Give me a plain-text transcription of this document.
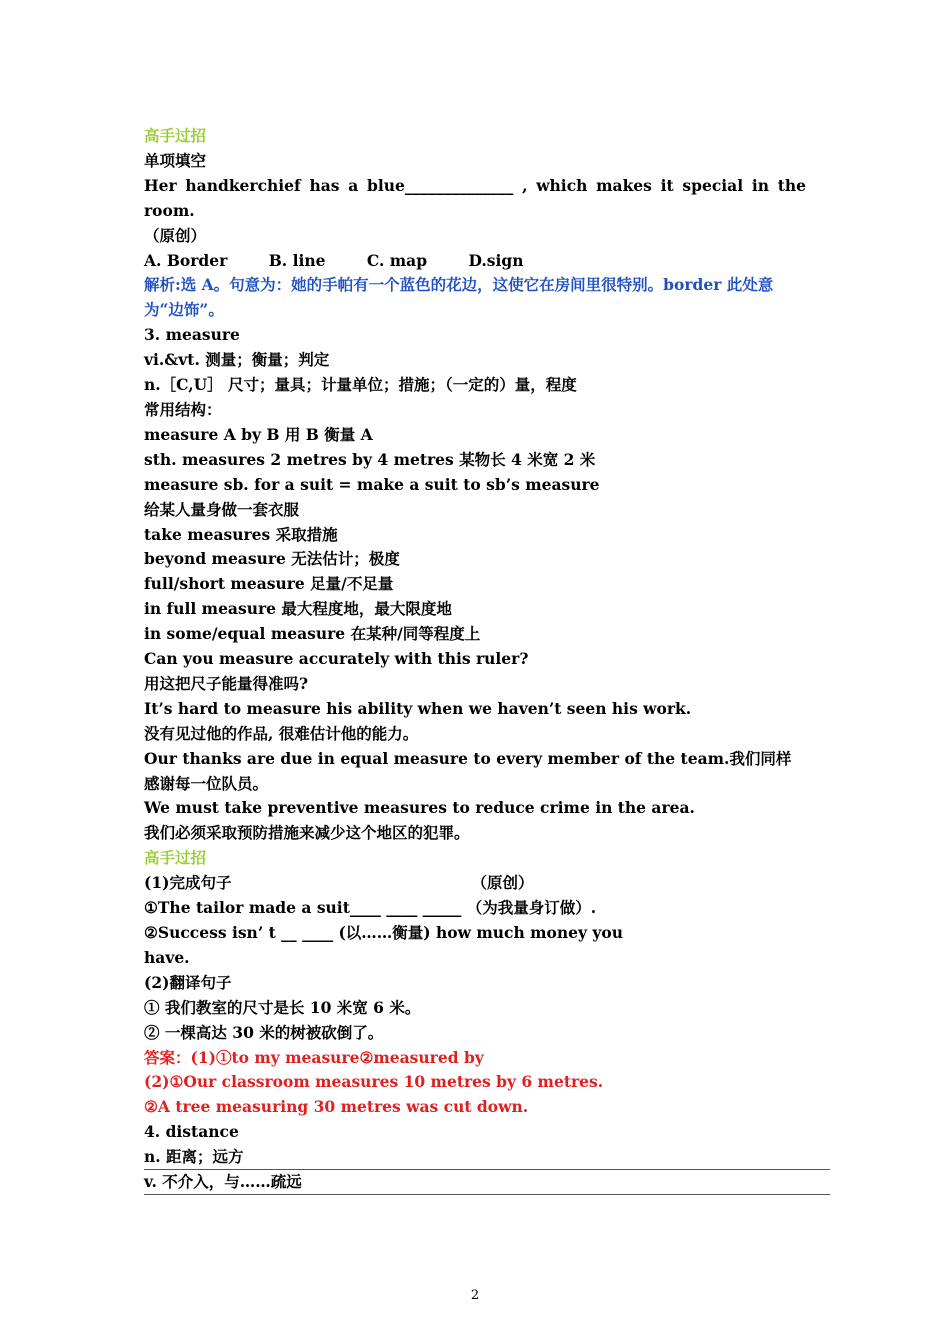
高手过招
单项填空
Her handkerchief has a blue______________ , which makes it special in the room.
（原创）
A. Border	B. line	C. map	D.sign
解析:选 A。句意为：她的手帕有一个蓝色的花边，这使它在房间里很特别。border 此处意为“边饰”。
3. measure
vi.&vt. 测量；衡量；判定
n.［C,U］ 尺寸；量具；计量单位；措施；（一定的）量，程度
常用结构：
measure A by B 用 B 衡量 A
sth. measures 2 metres by 4 metres 某物长 4 米宽 2 米
measure sb. for a suit = make a suit to sb’s measure
给某人量身做一套衣服
take measures 采取措施
beyond measure 无法估计；极度
full/short measure 足量/不足量
in full measure 最大程度地，最大限度地
in some/equal measure 在某种/同等程度上
Can you measure accurately with this ruler?
用这把尺子能量得准吗?
It’s hard to measure his ability when we haven’t seen his work.
没有见过他的作品, 很难估计他的能力。
Our thanks are due in equal measure to every member of the team.我们同样感谢每一位队员。
We must take preventive measures to reduce crime in the area.
我们必须采取预防措施来减少这个地区的犯罪。
高手过招
(1)完成句子	（原创）
①The tailor made a suit____ ____ _____ （为我量身订做）.
②Success isn’ t __ ____ (以……衡量) how much money you
have.
(2)翻译句子
① 我们教室的尺寸是长 10 米宽 6 米。
② 一棵高达 30 米的树被砍倒了。
答案：(1)①to my measure②measured by
(2)①Our classroom measures 10 metres by 6 metres.
②A tree measuring 30 metres was cut down.
4. distance
n. 距离；远方
v. 不介入，与……疏远
2
